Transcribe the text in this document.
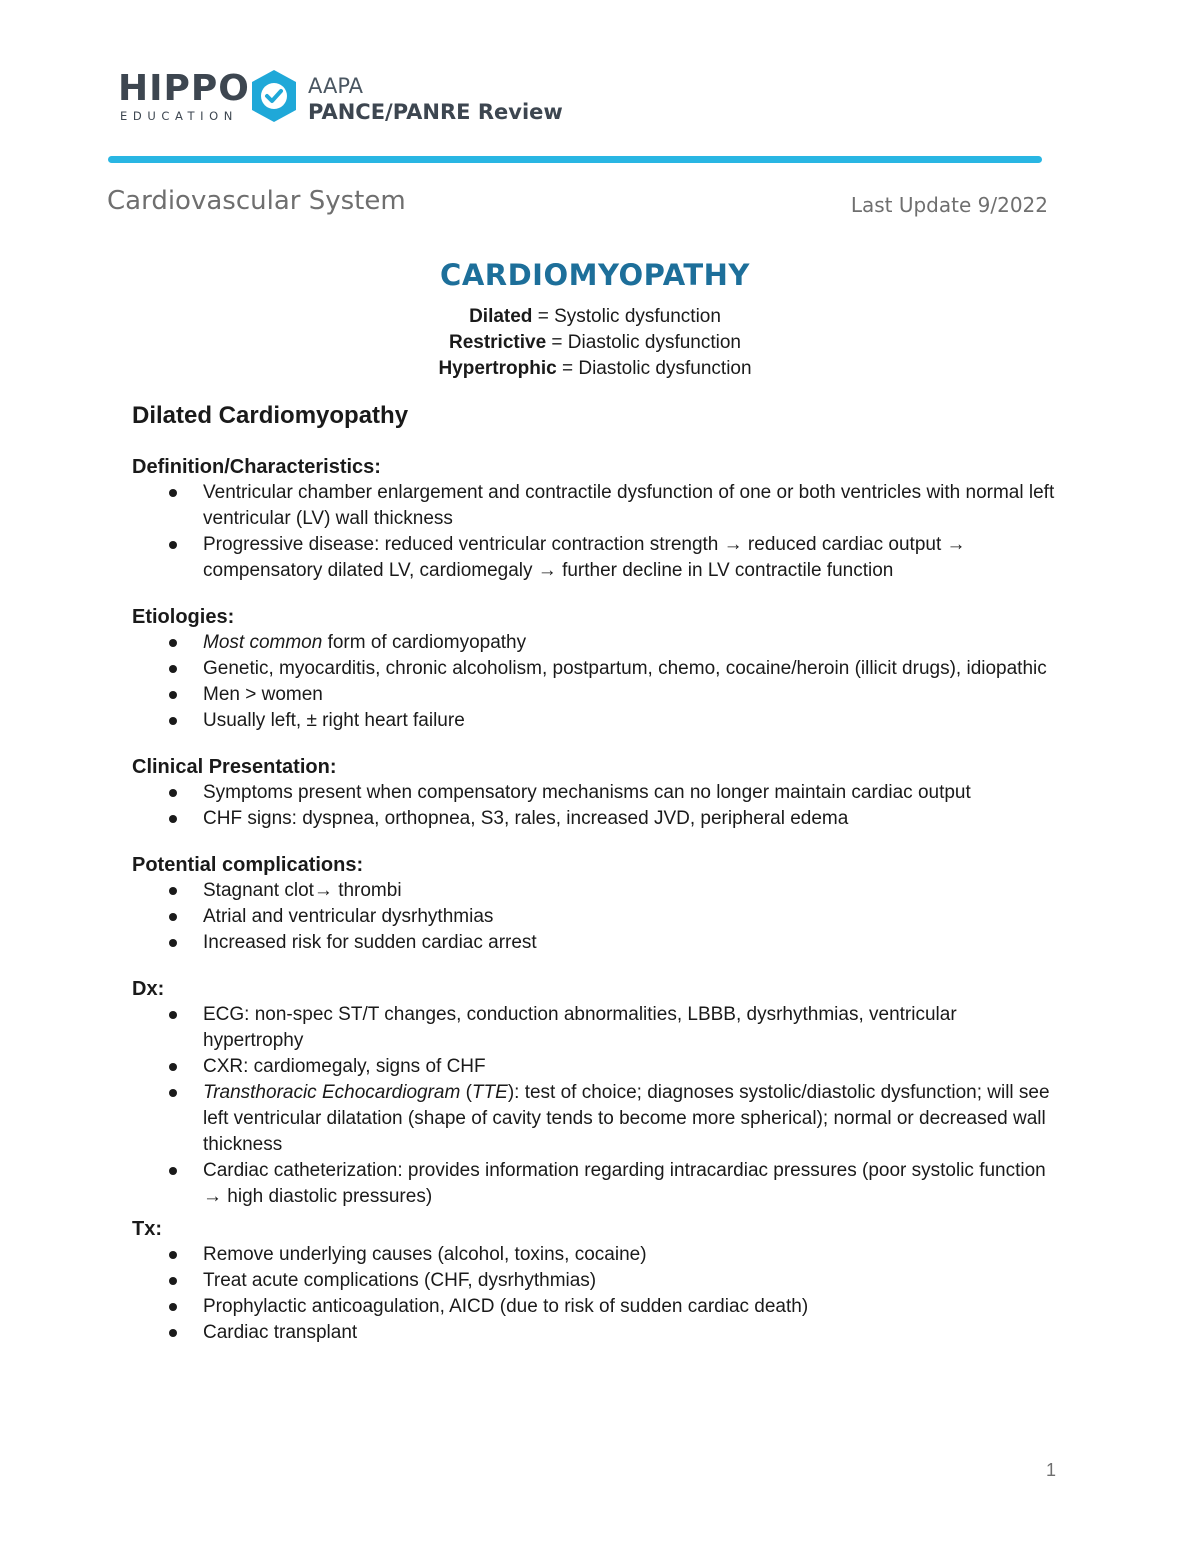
HIPPO
EDUCATION
AAPA
PANCE/PANRE Review
Cardiovascular System	Last Update 9/2022
CARDIOMYOPATHY
Dilated = Systolic dysfunction
Restrictive = Diastolic dysfunction
Hypertrophic = Diastolic dysfunction
Dilated Cardiomyopathy
Definition/Characteristics:
Ventricular chamber enlargement and contractile dysfunction of one or both ventricles with normal left ventricular (LV) wall thickness
Progressive disease: reduced ventricular contraction strength → reduced cardiac output → compensatory dilated LV, cardiomegaly → further decline in LV contractile function
Etiologies:
Most common form of cardiomyopathy
Genetic, myocarditis, chronic alcoholism, postpartum, chemo, cocaine/heroin (illicit drugs), idiopathic
Men > women
Usually left, ± right heart failure
Clinical Presentation:
Symptoms present when compensatory mechanisms can no longer maintain cardiac output
CHF signs: dyspnea, orthopnea, S3, rales, increased JVD, peripheral edema
Potential complications:
Stagnant clot→ thrombi
Atrial and ventricular dysrhythmias
Increased risk for sudden cardiac arrest
Dx:
ECG: non-spec ST/T changes, conduction abnormalities, LBBB, dysrhythmias, ventricular hypertrophy
CXR: cardiomegaly, signs of CHF
Transthoracic Echocardiogram (TTE): test of choice; diagnoses systolic/diastolic dysfunction; will see left ventricular dilatation (shape of cavity tends to become more spherical); normal or decreased wall thickness
Cardiac catheterization: provides information regarding intracardiac pressures (poor systolic function → high diastolic pressures)
Tx:
Remove underlying causes (alcohol, toxins, cocaine)
Treat acute complications (CHF, dysrhythmias)
Prophylactic anticoagulation, AICD (due to risk of sudden cardiac death)
Cardiac transplant
1
